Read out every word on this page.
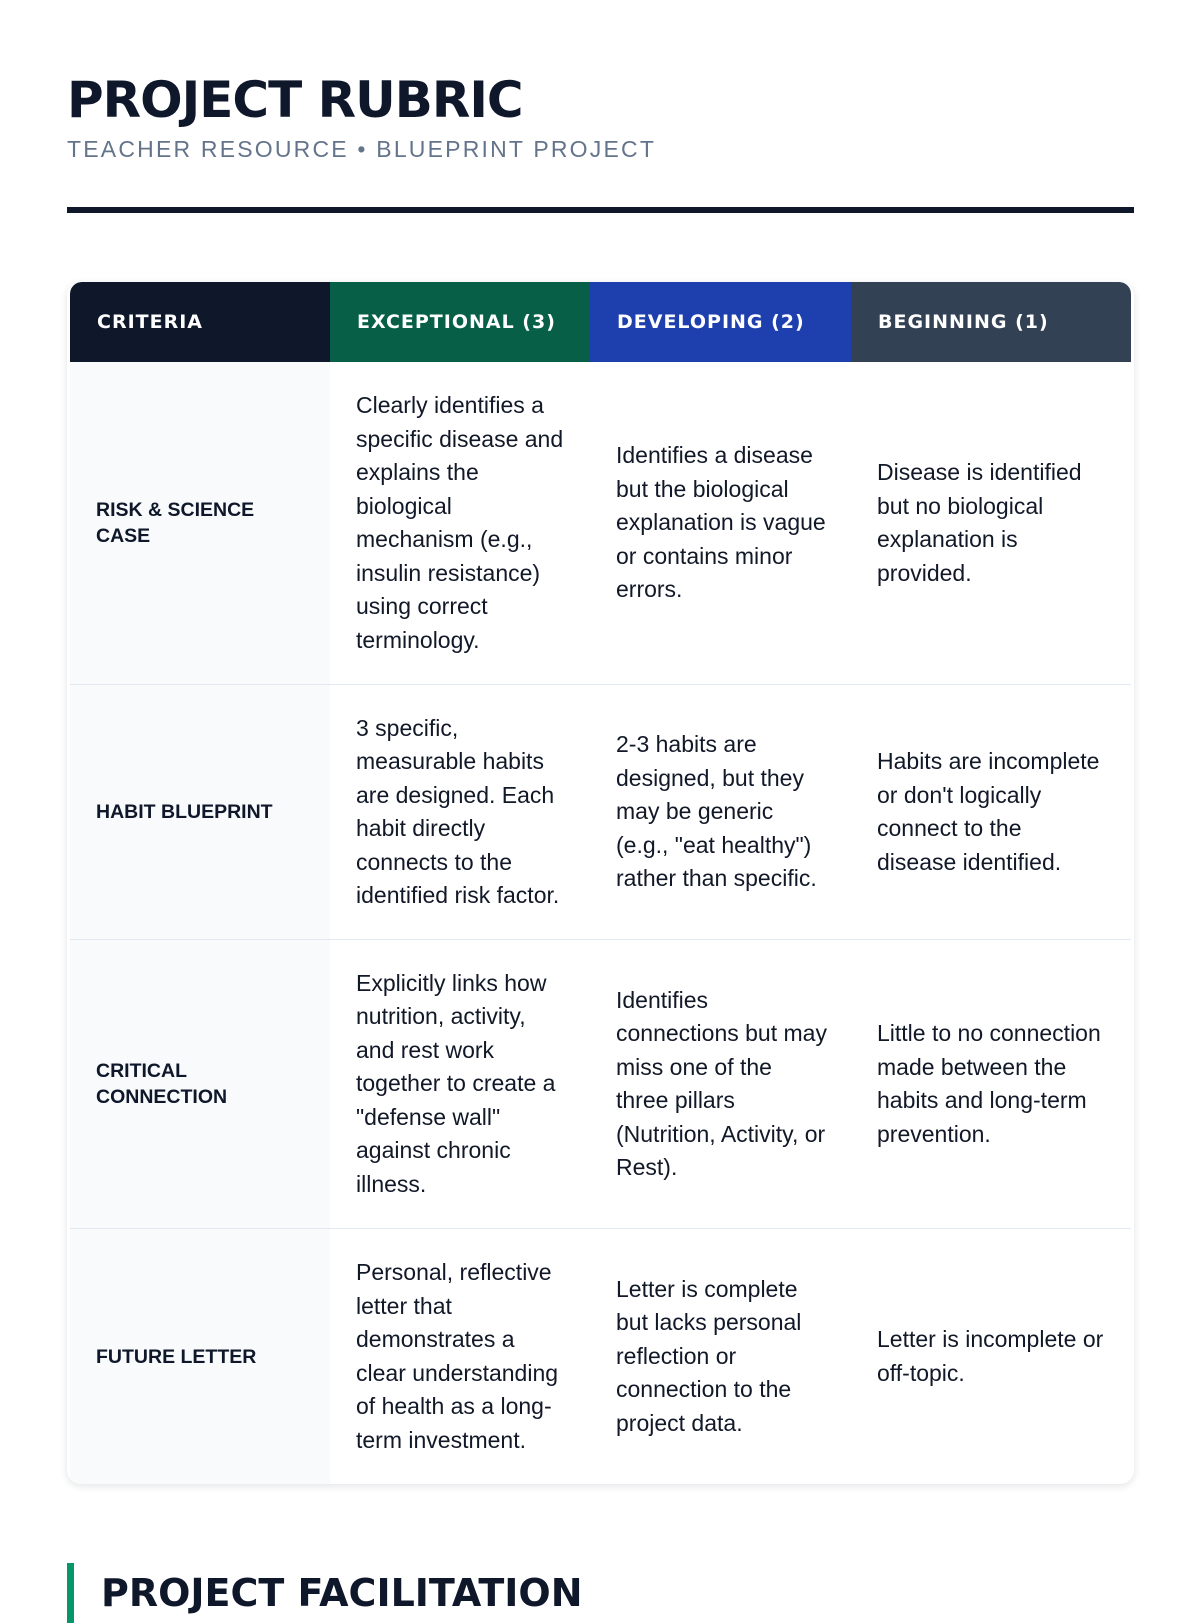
PROJECT RUBRIC
TEACHER RESOURCE • BLUEPRINT PROJECT
CRITERIA	EXCEPTIONAL (3)	DEVELOPING (2)	BEGINNING (1)
RISK & SCIENCE CASE	Clearly identifies a specific disease and explains the biological mechanism (e.g., insulin resistance) using correct terminology.	Identifies a disease but the biological explanation is vague or contains minor errors.	Disease is identified but no biological explanation is provided.
HABIT BLUEPRINT	3 specific, measurable habits are designed. Each habit directly connects to the identified risk factor.	2-3 habits are designed, but they may be generic (e.g., "eat healthy") rather than specific.	Habits are incomplete or don't logically connect to the disease identified.
CRITICAL CONNECTION	Explicitly links how nutrition, activity, and rest work together to create a "defense wall" against chronic illness.	Identifies connections but may miss one of the three pillars (Nutrition, Activity, or Rest).	Little to no connection made between the habits and long-term prevention.
FUTURE LETTER	Personal, reflective letter that demonstrates a clear understanding of health as a long-term investment.	Letter is complete but lacks personal reflection or connection to the project data.	Letter is incomplete or off-topic.
PROJECT FACILITATION
